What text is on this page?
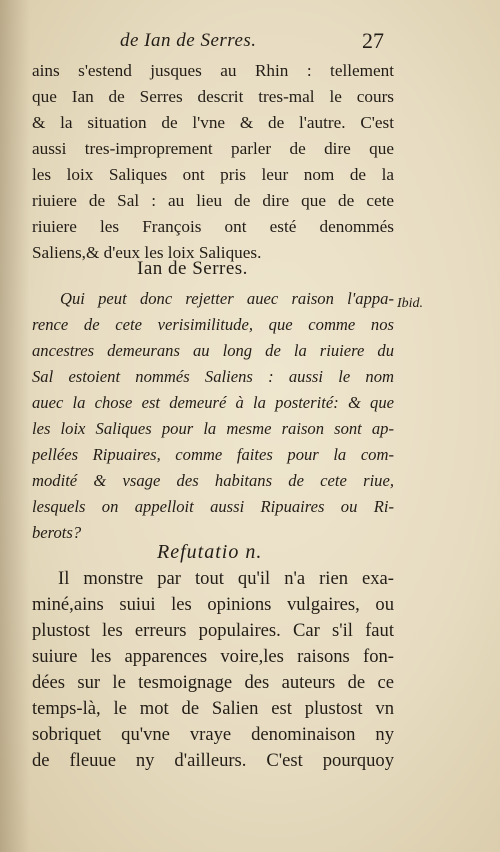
de Ian de Serres.	27
ains s'estend jusques au Rhin : tellement
que Ian de Serres descrit tres-mal le cours
& la situation de l'vne & de l'autre. C'est
aussi tres-improprement parler de dire que
les loix Saliques ont pris leur nom de la
riuiere de Sal : au lieu de dire que de cete
riuiere les François ont esté denommés
Saliens,& d'eux les loix Saliques.
Ian de Serres.
Qui peut donc rejetter auec raison l'appa-
rence de cete verisimilitude, que comme nos
ancestres demeurans au long de la riuiere du
Sal estoient nommés Saliens : aussi le nom
auec la chose est demeuré à la posterité: & que
les loix Saliques pour la mesme raison sont ap-
pellées Ripuaires, comme faites pour la com-
modité & vsage des habitans de cete riue,
lesquels on appelloit aussi Ripuaires ou Ri-
berots?
Ibid.
Refutatio n.
Il monstre par tout qu'il n'a rien exa-
miné,ains suiui les opinions vulgaires, ou
plustost les erreurs populaires. Car s'il faut
suiure les apparences voire,les raisons fon-
dées sur le tesmoignage des auteurs de ce
temps-là, le mot de Salien est plustost vn
sobriquet qu'vne vraye denominaison ny
de fleuue ny d'ailleurs. C'est pourquoy
